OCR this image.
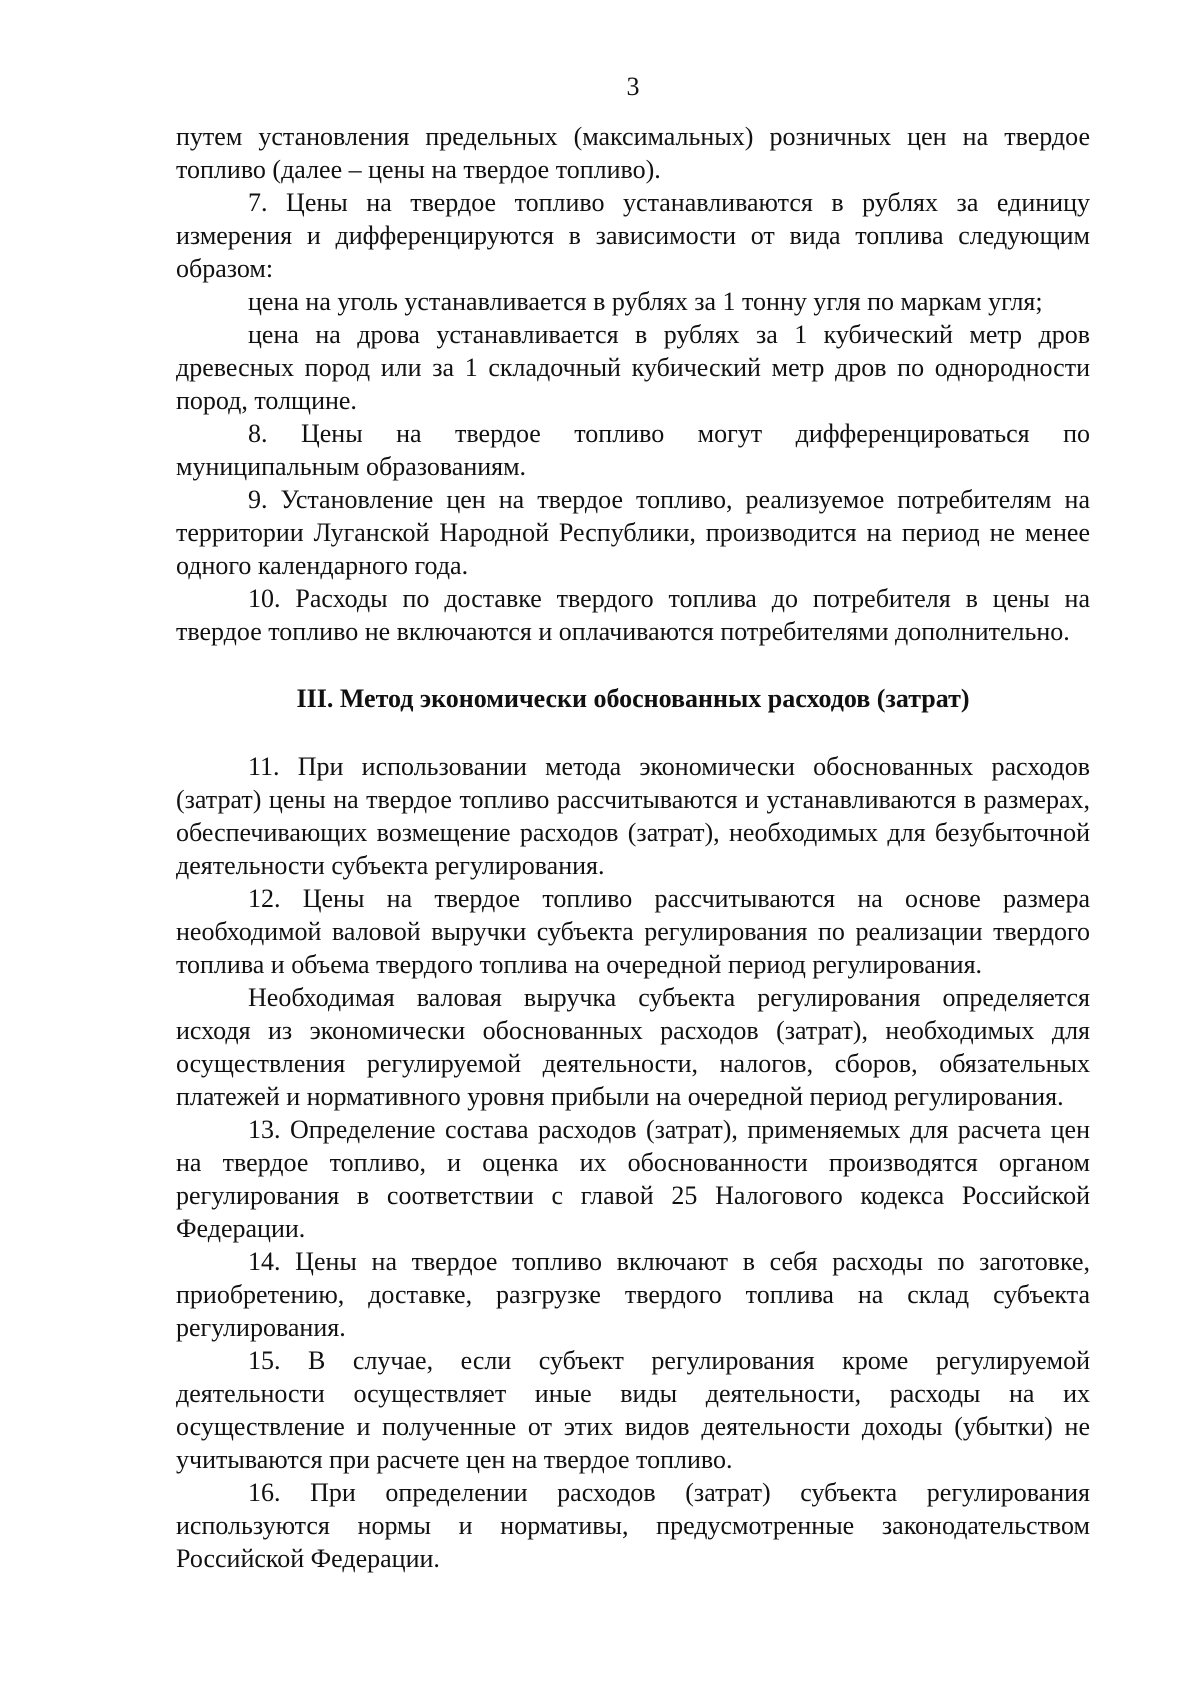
3

путем установления предельных (максимальных) розничных цен на твердое топливо (далее – цены на твердое топливо).

7. Цены на твердое топливо устанавливаются в рублях за единицу измерения и дифференцируются в зависимости от вида топлива следующим образом:

цена на уголь устанавливается в рублях за 1 тонну угля по маркам угля;

цена на дрова устанавливается в рублях за 1 кубический метр дров древесных пород или за 1 складочный кубический метр дров по однородности пород, толщине.

8. Цены на твердое топливо могут дифференцироваться по муниципальным образованиям.

9. Установление цен на твердое топливо, реализуемое потребителям на территории Луганской Народной Республики, производится на период не менее одного календарного года.

10. Расходы по доставке твердого топлива до потребителя в цены на твердое топливо не включаются и оплачиваются потребителями дополнительно.

III. Метод экономически обоснованных расходов (затрат)

11. При использовании метода экономически обоснованных расходов (затрат) цены на твердое топливо рассчитываются и устанавливаются в размерах, обеспечивающих возмещение расходов (затрат), необходимых для безубыточной деятельности субъекта регулирования.

12. Цены на твердое топливо рассчитываются на основе размера необходимой валовой выручки субъекта регулирования по реализации твердого топлива и объема твердого топлива на очередной период регулирования.

Необходимая валовая выручка субъекта регулирования определяется исходя из экономически обоснованных расходов (затрат), необходимых для осуществления регулируемой деятельности, налогов, сборов, обязательных платежей и нормативного уровня прибыли на очередной период регулирования.

13. Определение состава расходов (затрат), применяемых для расчета цен на твердое топливо, и оценка их обоснованности производятся органом регулирования в соответствии с главой 25 Налогового кодекса Российской Федерации.

14. Цены на твердое топливо включают в себя расходы по заготовке, приобретению, доставке, разгрузке твердого топлива на склад субъекта регулирования.

15. В случае, если субъект регулирования кроме регулируемой деятельности осуществляет иные виды деятельности, расходы на их осуществление и полученные от этих видов деятельности доходы (убытки) не учитываются при расчете цен на твердое топливо.

16. При определении расходов (затрат) субъекта регулирования используются нормы и нормативы, предусмотренные законодательством Российской Федерации.
